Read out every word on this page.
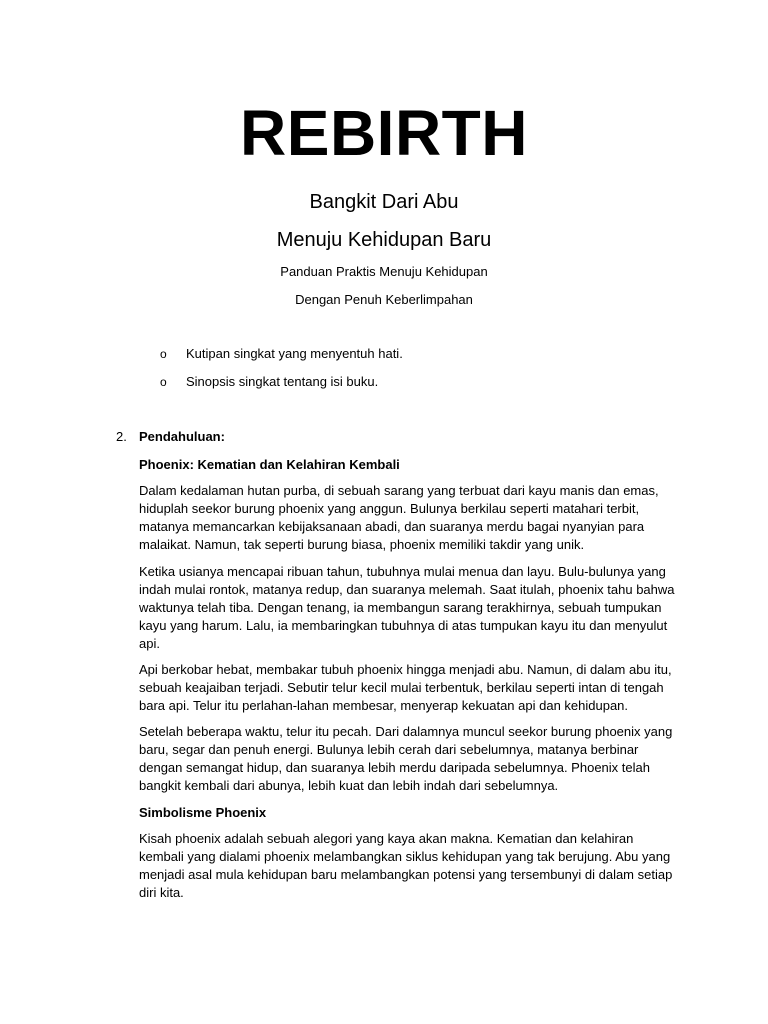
REBIRTH
Bangkit Dari Abu
Menuju Kehidupan Baru
Panduan Praktis Menuju Kehidupan
Dengan Penuh Keberlimpahan
o	Kutipan singkat yang menyentuh hati.
o	Sinopsis singkat tentang isi buku.
2. Pendahuluan:
Phoenix: Kematian dan Kelahiran Kembali
Dalam kedalaman hutan purba, di sebuah sarang yang terbuat dari kayu manis dan emas, hiduplah seekor burung phoenix yang anggun. Bulunya berkilau seperti matahari terbit, matanya memancarkan kebijaksanaan abadi, dan suaranya merdu bagai nyanyian para malaikat. Namun, tak seperti burung biasa, phoenix memiliki takdir yang unik.
Ketika usianya mencapai ribuan tahun, tubuhnya mulai menua dan layu. Bulu-bulunya yang indah mulai rontok, matanya redup, dan suaranya melemah. Saat itulah, phoenix tahu bahwa waktunya telah tiba. Dengan tenang, ia membangun sarang terakhirnya, sebuah tumpukan kayu yang harum. Lalu, ia membaringkan tubuhnya di atas tumpukan kayu itu dan menyulut api.
Api berkobar hebat, membakar tubuh phoenix hingga menjadi abu. Namun, di dalam abu itu, sebuah keajaiban terjadi. Sebutir telur kecil mulai terbentuk, berkilau seperti intan di tengah bara api. Telur itu perlahan-lahan membesar, menyerap kekuatan api dan kehidupan.
Setelah beberapa waktu, telur itu pecah. Dari dalamnya muncul seekor burung phoenix yang baru, segar dan penuh energi. Bulunya lebih cerah dari sebelumnya, matanya berbinar dengan semangat hidup, dan suaranya lebih merdu daripada sebelumnya. Phoenix telah bangkit kembali dari abunya, lebih kuat dan lebih indah dari sebelumnya.
Simbolisme Phoenix
Kisah phoenix adalah sebuah alegori yang kaya akan makna. Kematian dan kelahiran kembali yang dialami phoenix melambangkan siklus kehidupan yang tak berujung. Abu yang menjadi asal mula kehidupan baru melambangkan potensi yang tersembunyi di dalam setiap diri kita.
